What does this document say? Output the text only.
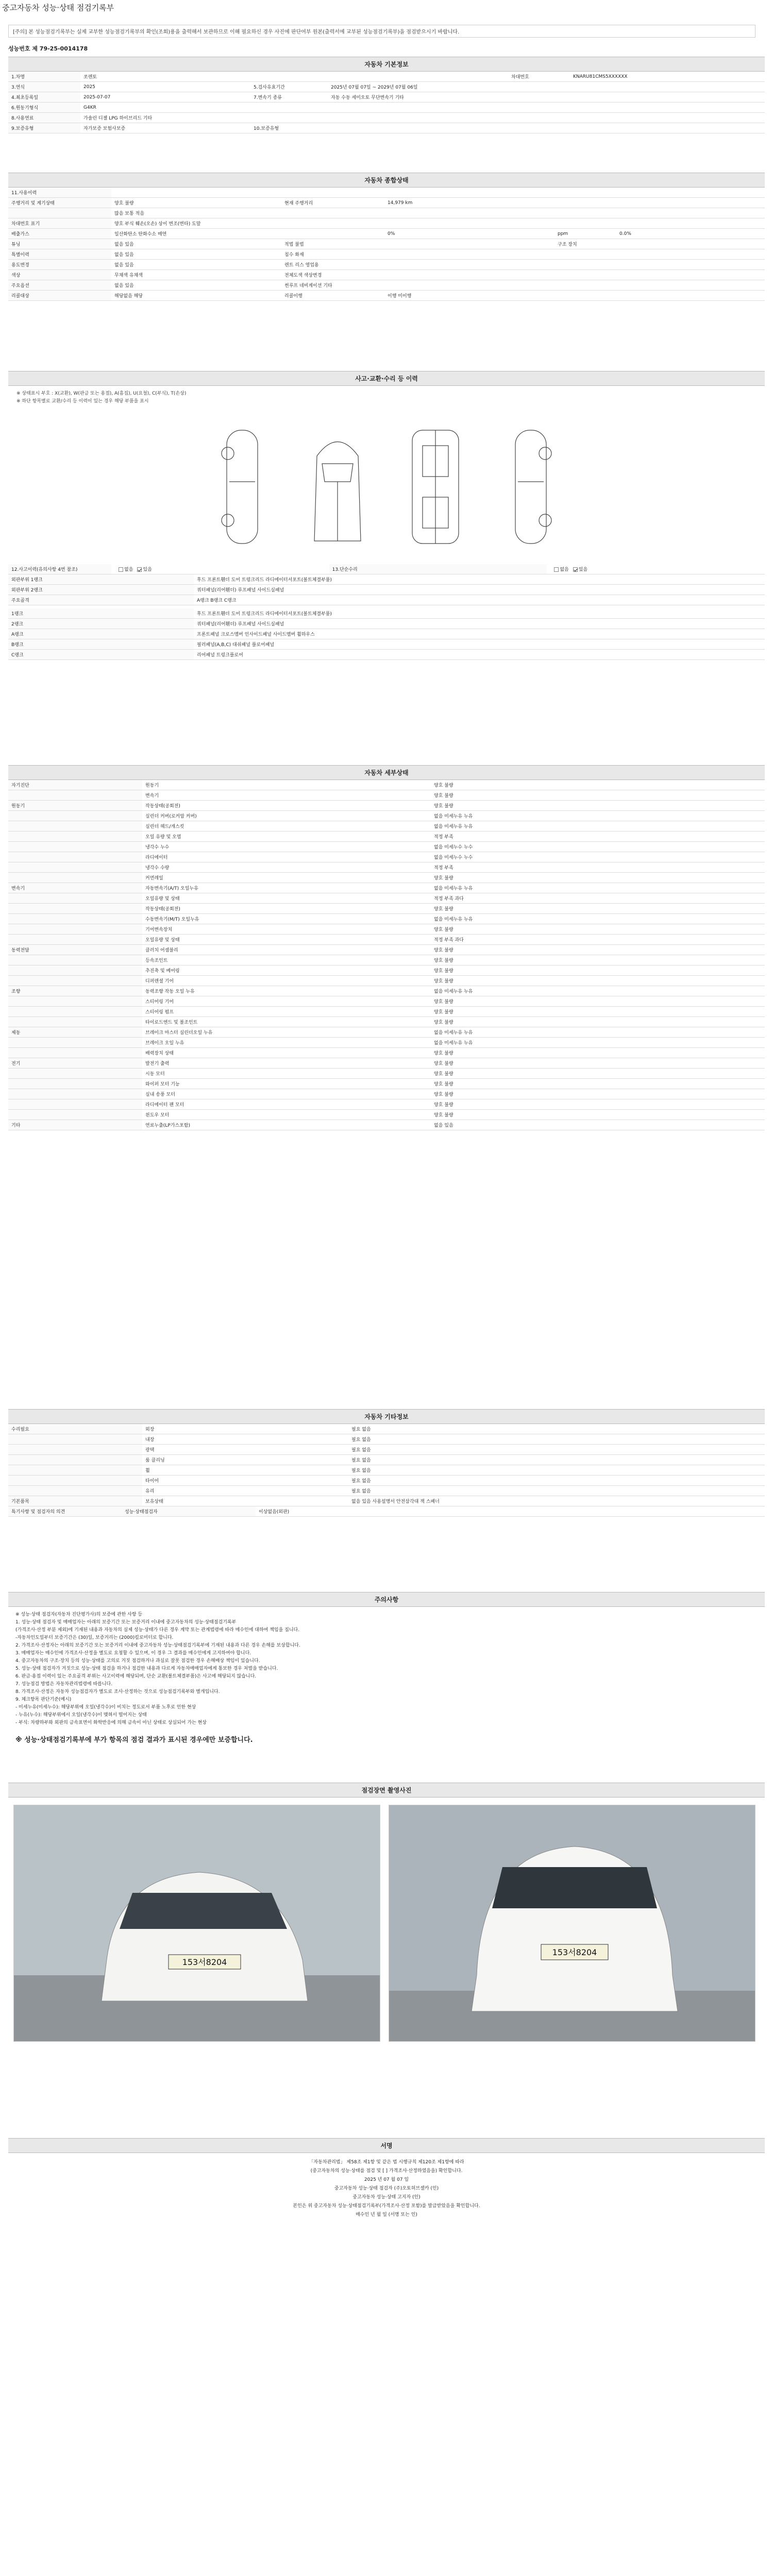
중고자동차 성능·상태 점검기록부
[주의] 본 성능점검기록부는 실제 교부한 성능점검기록부의 확인(조회)용을 출력해서 보관하므로 이해 필요하신 경우 사진에 판단여부 원본(출력서에 교부된 성능점검기록부)을 점검받으시기 바랍니다.
성능번호 제 79-25-0014178
자동차 기본정보
1.차명	쏘렌토			차대번호	KNARU81CMS5XXXXXX
3.연식	2025	5.검사유효기간	2025년 07월 07일 ~ 2029년 07월 06일		
4.최초등록일	2025-07-07	7.변속기 종류	자동 수동 세미오토 무단변속기 기타		
6.원동기형식	G4KR				
8.사용연료	가솔린 디젤 LPG 하이브리드 기타				
9.보증유형	자가보증 보험사보증	10.보증유형			
자동차 종합상태
11.사용이력					
주행거리 및 계기상태	양호 불량	현재 주행거리	14,979 km		
	많음 보통 적음				
차대번호 표기	양호 부식 훼손(오손) 상이 변조(변타) 도말				
배출가스	일산화탄소 탄화수소 매연		0%	ppm	0.0%
튜닝	없음 있음	적법 불법		구조 장치	
특별이력	없음 있음	침수 화재			
용도변경	없음 있음	렌트 리스 영업용			
색상	무채색 유채색	전체도색 색상변경			
주요옵션	없음 있음	썬루프 네비게이션 기타			
리콜대상	해당없음 해당	리콜이행	이행 미이행		
사고·교환·수리 등 이력
※ 상태표시 부호 : X(교환), W(판금 또는 용접), A(흠집), U(요철), C(부식), T(손상)
※ 하단 항목별로 교환/수리 등 이력이 있는 경우 해당 부품을 표시
12.사고이력(유의사항 4번 참조)	없음 있음	13.단순수리	없음 있음
외판부위 1랭크	후드 프론트휀더 도어 트렁크리드 라디에이터서포트(볼트체결부품)
외판부위 2랭크	쿼터패널(리어휀더) 루프패널 사이드실패널
주요골격	A랭크 B랭크 C랭크
1랭크	후드 프론트휀더 도어 트렁크리드 라디에이터서포트(볼트체결부품)
2랭크	쿼터패널(리어휀더) 루프패널 사이드실패널
A랭크	프론트패널 크로스멤버 인사이드패널 사이드멤버 휠하우스
B랭크	필러패널(A,B,C) 대쉬패널 플로어패널
C랭크	리어패널 트렁크플로어
자동차 세부상태
자기진단	원동기	양호 불량
	변속기	양호 불량
원동기	작동상태(공회전)	양호 불량
	실린더 커버(로커암 커버)	없음 미세누유 누유
	실린더 헤드/개스킷	없음 미세누유 누유
	오일 유량 및 오염	적정 부족
	냉각수 누수	없음 미세누수 누수
	라디에이터	없음 미세누수 누수
	냉각수 수량	적정 부족
	커먼레일	양호 불량
변속기	자동변속기(A/T) 오일누유	없음 미세누유 누유
	오일유량 및 상태	적정 부족 과다
	작동상태(공회전)	양호 불량
	수동변속기(M/T) 오일누유	없음 미세누유 누유
	기어변속장치	양호 불량
	오일유량 및 상태	적정 부족 과다
동력전달	클러치 어셈블리	양호 불량
	등속조인트	양호 불량
	추진축 및 베어링	양호 불량
	디퍼렌셜 기어	양호 불량
조향	동력조향 작동 오일 누유	없음 미세누유 누유
	스티어링 기어	양호 불량
	스티어링 펌프	양호 불량
	타이로드엔드 및 볼조인트	양호 불량
제동	브레이크 마스터 실린더오일 누유	없음 미세누유 누유
	브레이크 오일 누유	없음 미세누유 누유
	배력장치 상태	양호 불량
전기	발전기 출력	양호 불량
	시동 모터	양호 불량
	와이퍼 모터 기능	양호 불량
	실내 송풍 모터	양호 불량
	라디에이터 팬 모터	양호 불량
	윈도우 모터	양호 불량
기타	연료누출(LP가스포함)	없음 있음
자동차 기타정보
수리필요	외장	필요 없음
	내장	필요 없음
	광택	필요 없음
	룸 클리닝	필요 없음
	휠	필요 없음
	타이어	필요 없음
	유리	필요 없음
기본품목	보유상태	없음 있음 사용설명서 안전삼각대 잭 스패너
특기사항 및 점검자의 의견	성능·상태점검자	이상없음(외판)
주의사항
※ 성능·상태 점검자(자동차 진단평가사)의 보증에 관한 사항 등
1. 성능·상태 점검자 및 매매업자는 아래의 보증기간 또는 보증거리 이내에 중고자동차의 성능·상태점검기록부
(가격조사·산정 부분 제외)에 기재된 내용과 자동차의 실제 성능·상태가 다른 경우 계약 또는 관계법령에 따라 매수인에 대하여 책임을 집니다.
-자동차인도일부터 보증기간은 (30)일, 보증거리는 (2000)킬로미터로 합니다.
2. 가격조사·산정자는 아래의 보증기간 또는 보증거리 이내에 중고자동차 성능·상태점검기록부에 기재된 내용과 다른 경우 손해를 보상합니다.
3. 매매업자는 매수인에 가격조사·산정을 별도로 요청할 수 있으며, 이 경우 그 결과를 매수인에게 고지하여야 합니다.
4. 중고자동차의 구조·장치 등의 성능·상태를 고의로 거짓 점검하거나 과실로 잘못 점검한 경우 손해배상 책임이 있습니다.
5. 성능·상태 점검자가 거짓으로 성능·상태 점검을 하거나 점검한 내용과 다르게 자동차매매업자에게 통보한 경우 처벌을 받습니다.
6. 판금·용접 이력이 있는 주요골격 부위는 사고이력에 해당되며, 단순 교환(볼트체결부품)은 사고에 해당되지 않습니다.
7. 성능점검 방법은 자동차관리법령에 따릅니다.
8. 가격조사·산정은 자동차 성능점검자가 별도로 조사·산정하는 것으로 성능점검기록부와 별개입니다.
9. 체크항목 판단기준(예시)
- 미세누유(미세누수): 해당부위에 오일(냉각수)이 비치는 정도로서 부품 노후로 인한 현상
- 누유(누수): 해당부위에서 오일(냉각수)이 맺혀서 떨어지는 상태
- 부식: 차량하부와 외판의 금속표면이 화학반응에 의해 금속이 아닌 상태로 상실되어 가는 현상
※ 성능·상태점검기록부에 부가 항목의 점검 결과가 표시된 경우에만 보증합니다.
점검장면 촬영사진
153서8204
153서8204
서명
「자동차관리법」 제58조 제1항 및 같은 법 시행규칙 제120조 제1항에 따라
(중고자동차의 성능·상태를 점검 및 [ ] 가격조사·산정하였음을) 확인합니다.
2025 년 07 월 07 일
중고자동차 성능·상태 점검자 (주)오토허브셀카 (인)
중고자동차 성능·상태 고지자 (인)
본인은 위 중고자동차 성능·상태점검기록부(가격조사·산정 포함)를 발급받았음을 확인합니다.
매수인 년 월 일 (서명 또는 인)
